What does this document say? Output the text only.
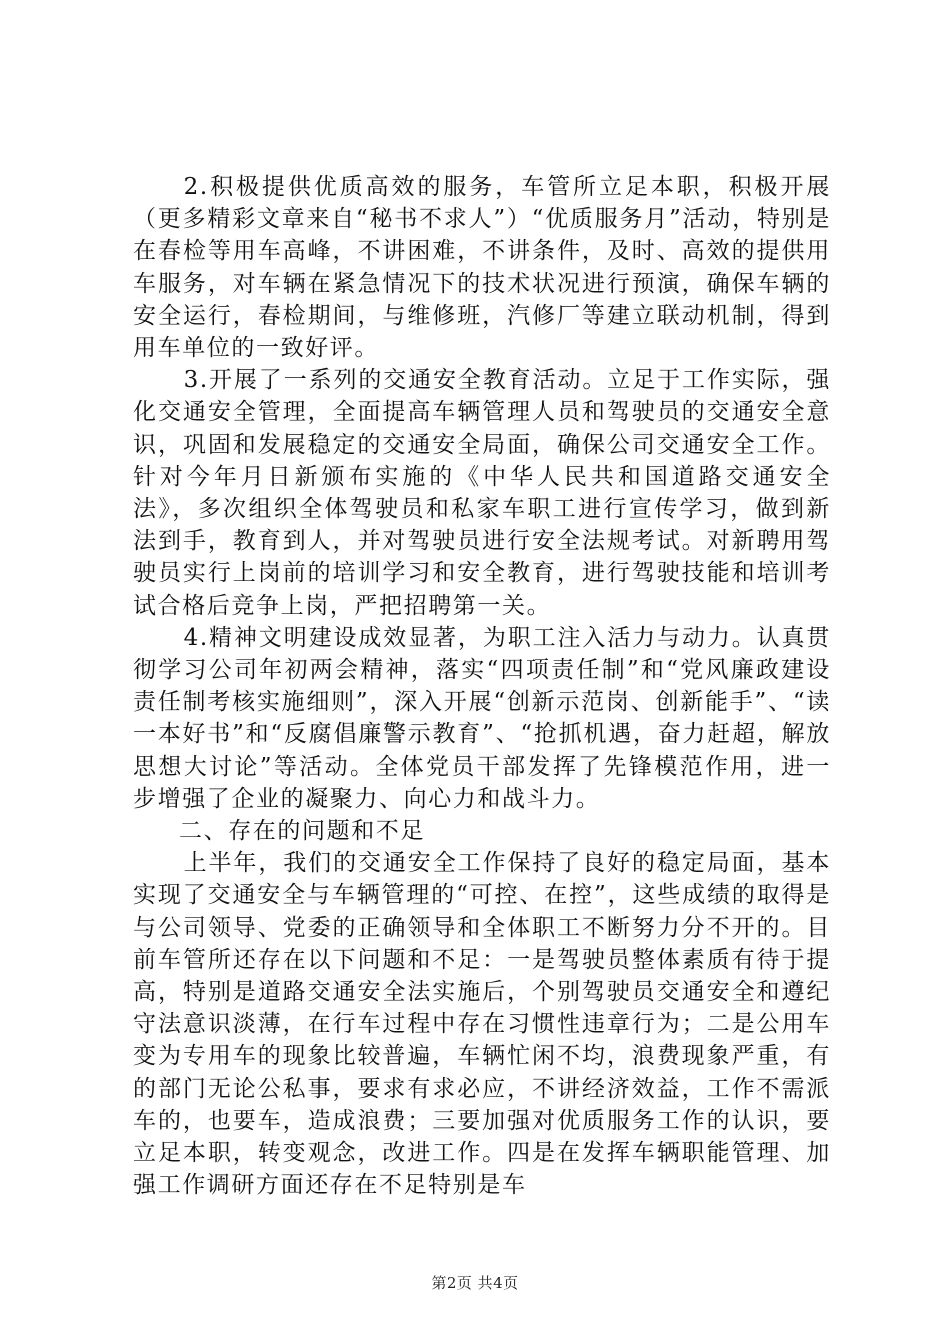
2.积极提供优质高效的服务，车管所立足本职，积极开展（更多精彩文章来自“秘书不求人”）“优质服务月”活动，特别是在春检等用车高峰，不讲困难，不讲条件，及时、高效的提供用车服务，对车辆在紧急情况下的技术状况进行预演，确保车辆的安全运行，春检期间，与维修班，汽修厂等建立联动机制，得到用车单位的一致好评。

3.开展了一系列的交通安全教育活动。立足于工作实际，强化交通安全管理，全面提高车辆管理人员和驾驶员的交通安全意识，巩固和发展稳定的交通安全局面，确保公司交通安全工作。针对今年月日新颁布实施的《中华人民共和国道路交通安全法》，多次组织全体驾驶员和私家车职工进行宣传学习，做到新法到手，教育到人，并对驾驶员进行安全法规考试。对新聘用驾驶员实行上岗前的培训学习和安全教育，进行驾驶技能和培训考试合格后竞争上岗，严把招聘第一关。

4.精神文明建设成效显著，为职工注入活力与动力。认真贯彻学习公司年初两会精神，落实“四项责任制”和“党风廉政建设责任制考核实施细则”，深入开展“创新示范岗、创新能手”、“读一本好书”和“反腐倡廉警示教育”、“抢抓机遇，奋力赶超，解放思想大讨论”等活动。全体党员干部发挥了先锋模范作用，进一步增强了企业的凝聚力、向心力和战斗力。

二、存在的问题和不足

上半年，我们的交通安全工作保持了良好的稳定局面，基本实现了交通安全与车辆管理的“可控、在控”，这些成绩的取得是与公司领导、党委的正确领导和全体职工不断努力分不开的。目前车管所还存在以下问题和不足：一是驾驶员整体素质有待于提高，特别是道路交通安全法实施后，个别驾驶员交通安全和遵纪守法意识淡薄，在行车过程中存在习惯性违章行为；二是公用车变为专用车的现象比较普遍，车辆忙闲不均，浪费现象严重，有的部门无论公私事，要求有求必应，不讲经济效益，工作不需派车的，也要车，造成浪费；三要加强对优质服务工作的认识，要立足本职，转变观念，改进工作。四是在发挥车辆职能管理、加强工作调研方面还存在不足特别是车

第2页 共4页
